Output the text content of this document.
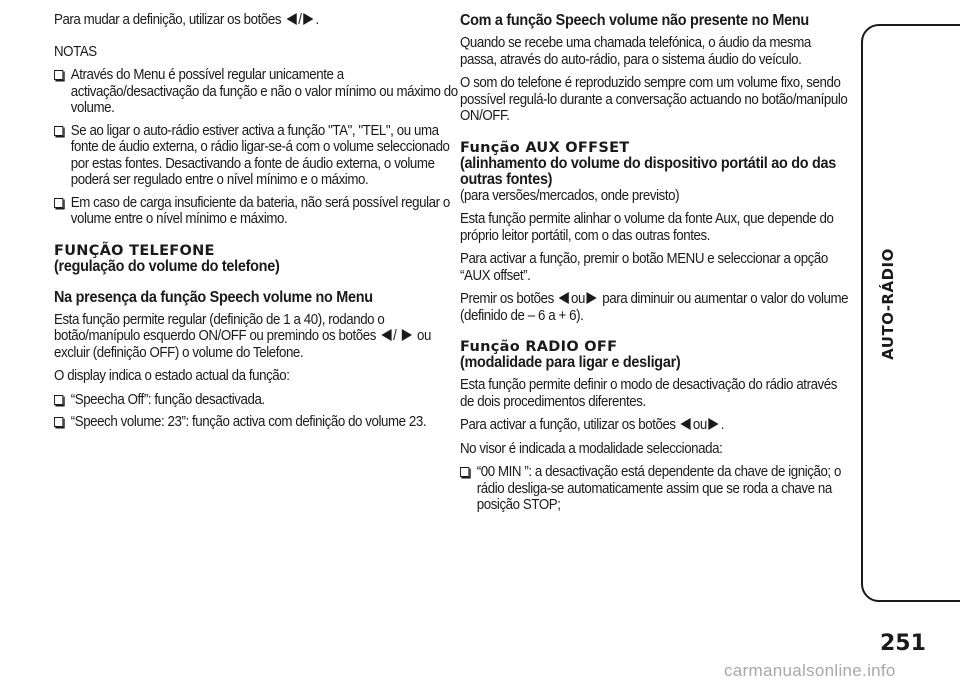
Para mudar a definição, utilizar os botões / .

NOTAS

Através do Menu é possível regular unicamente a activação/desactivação da função e não o valor mínimo ou máximo do volume.
Se ao ligar o auto-rádio estiver activa a função "TA", "TEL", ou uma fonte de áudio externa, o rádio ligar-se-á com o volume seleccionado por estas fontes. Desactivando a fonte de áudio externa, o volume poderá ser regulado entre o nível mínimo e o máximo.
Em caso de carga insuficiente da bateria, não será possível regular o volume entre o nível mínimo e máximo.
FUNÇÃO TELEFONE
(regulação do volume do telefone)
Na presença da função Speech volume no Menu

Esta função permite regular (definição de 1 a 40), rodando o botão/manípulo esquerdo ON/OFF ou premindo os botões / ou excluir (definição OFF) o volume do Telefone.

O display indica o estado actual da função:

“Speecha Off”: função desactivada.
“Speech volume: 23”: função activa com definição do volume 23.
Com a função Speech volume não presente no Menu

Quando se recebe uma chamada telefónica, o áudio da mesma passa, através do auto-rádio, para o sistema áudio do veículo.

O som do telefone é reproduzido sempre com um volume fixo, sendo possível regulá-lo durante a conversação actuando no botão/manípulo ON/OFF.

Função AUX OFFSET
(alinhamento do volume do dispositivo portátil ao do das outras fontes)

(para versões/mercados, onde previsto)

Esta função permite alinhar o volume da fonte Aux, que depende do próprio leitor portátil, com o das outras fontes.

Para activar a função, premir o botão MENU e seleccionar a opção “AUX offset”.

Premir os botões ou para diminuir ou aumentar o valor do volume (definido de – 6 a + 6).

Função RADIO OFF
(modalidade para ligar e desligar)

Esta função permite definir o modo de desactivação do rádio através de dois procedimentos diferentes.

Para activar a função, utilizar os botões ou .

No visor é indicada a modalidade seleccionada:

“00 MIN ”: a desactivação está dependente da chave de ignição; o rádio desliga-se automaticamente assim que se roda a chave na posição STOP;
AUTO-RÁDIO
251
carmanualsonline.info
